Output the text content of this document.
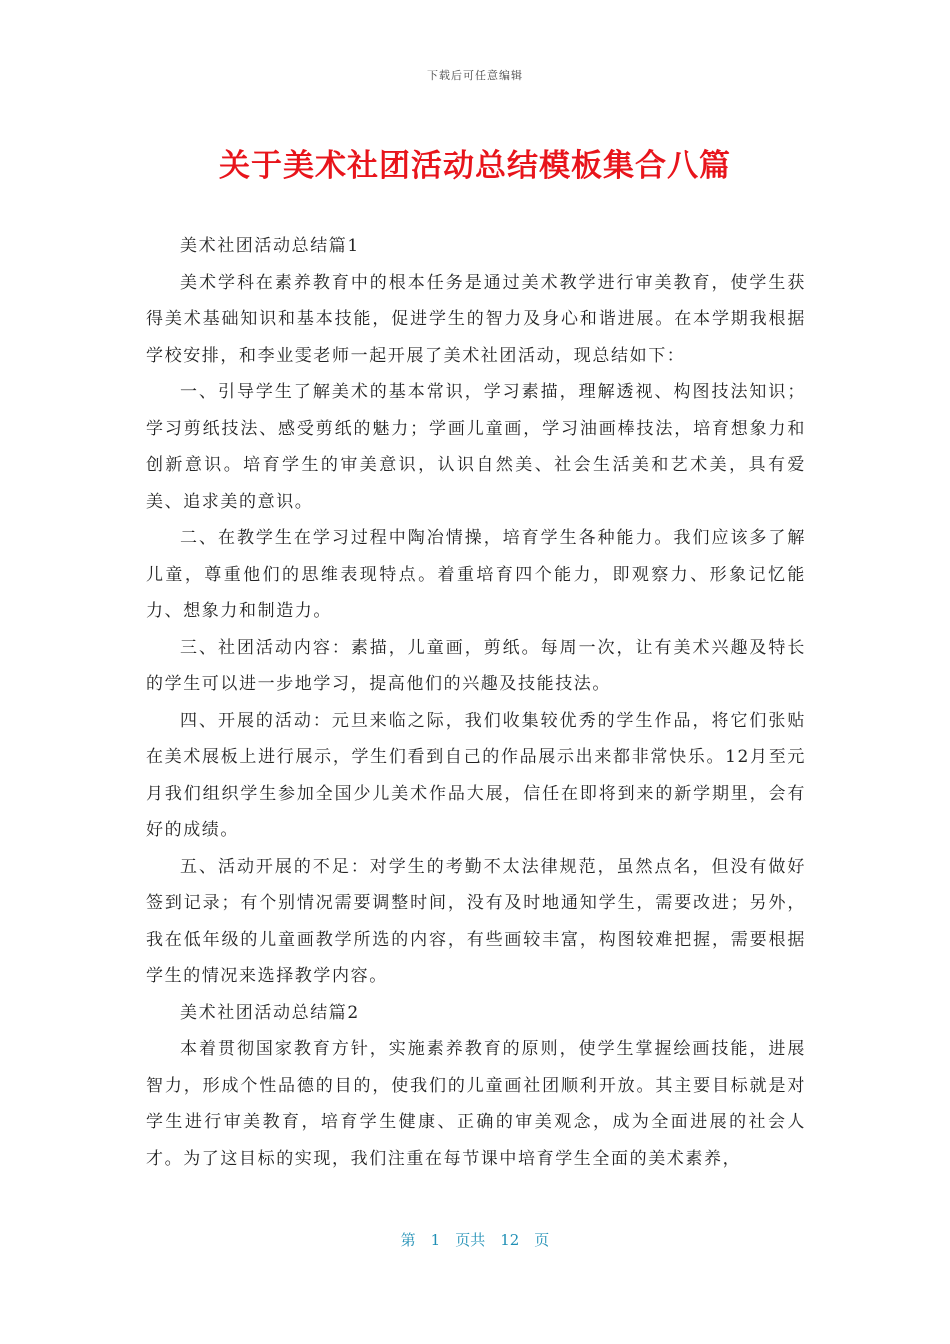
下载后可任意编辑
关于美术社团活动总结模板集合八篇

美术社团活动总结篇1

美术学科在素养教育中的根本任务是通过美术教学进行审美教育，使学生获得美术基础知识和基本技能，促进学生的智力及身心和谐进展。在本学期我根据学校安排，和李业雯老师一起开展了美术社团活动，现总结如下：

一、引导学生了解美术的基本常识，学习素描，理解透视、构图技法知识；学习剪纸技法、感受剪纸的魅力；学画儿童画，学习油画棒技法，培育想象力和创新意识。培育学生的审美意识，认识自然美、社会生活美和艺术美，具有爱美、追求美的意识。

二、在教学生在学习过程中陶冶情操，培育学生各种能力。我们应该多了解儿童，尊重他们的思维表现特点。着重培育四个能力，即观察力、形象记忆能力、想象力和制造力。

三、社团活动内容：素描，儿童画，剪纸。每周一次，让有美术兴趣及特长的学生可以进一步地学习，提高他们的兴趣及技能技法。

四、开展的活动：元旦来临之际，我们收集较优秀的学生作品，将它们张贴在美术展板上进行展示，学生们看到自己的作品展示出来都非常快乐。12月至元月我们组织学生参加全国少儿美术作品大展，信任在即将到来的新学期里，会有好的成绩。

五、活动开展的不足：对学生的考勤不太法律规范，虽然点名，但没有做好签到记录；有个别情况需要调整时间，没有及时地通知学生，需要改进；另外，我在低年级的儿童画教学所选的内容，有些画较丰富，构图较难把握，需要根据学生的情况来选择教学内容。

美术社团活动总结篇2

本着贯彻国家教育方针，实施素养教育的原则，使学生掌握绘画技能，进展智力，形成个性品德的目的，使我们的儿童画社团顺利开放。其主要目标就是对学生进行审美教育，培育学生健康、正确的审美观念，成为全面进展的社会人才。为了这目标的实现，我们注重在每节课中培育学生全面的美术素养，

第　1　页共　12　页
